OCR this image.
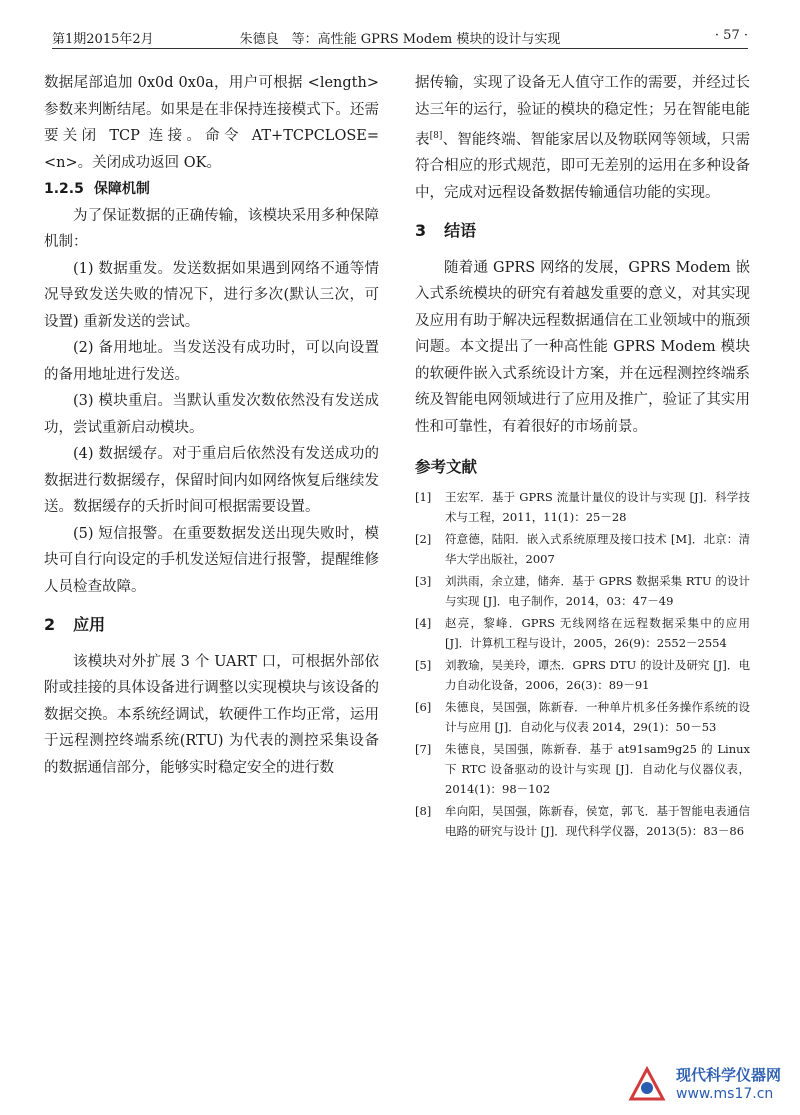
第1期2015年2月	朱德良　等：高性能 GPRS Modem 模块的设计与实现	· 57 ·

数据尾部追加 0x0d 0x0a，用户可根据 <length> 参数来判断结尾。如果是在非保持连接模式下。还需要关闭 TCP 连接。命令 AT+TCPCLOSE=<n>。关闭成功返回 OK。

1.2.5 保障机制

为了保证数据的正确传输，该模块采用多种保障机制：

(1) 数据重发。发送数据如果遇到网络不通等情况导致发送失败的情况下，进行多次(默认三次，可设置) 重新发送的尝试。

(2) 备用地址。当发送没有成功时，可以向设置的备用地址进行发送。

(3) 模块重启。当默认重发次数依然没有发送成功，尝试重新启动模块。

(4) 数据缓存。对于重启后依然没有发送成功的数据进行数据缓存，保留时间内如网络恢复后继续发送。数据缓存的夭折时间可根据需要设置。

(5) 短信报警。在重要数据发送出现失败时，模块可自行向设定的手机发送短信进行报警，提醒维修人员检查故障。

2 应用

该模块对外扩展 3 个 UART 口，可根据外部依附或挂接的具体设备进行调整以实现模块与该设备的数据交换。本系统经调试，软硬件工作均正常，运用于远程测控终端系统(RTU) 为代表的测控采集设备的数据通信部分，能够实时稳定安全的进行数

据传输，实现了设备无人值守工作的需要，并经过长达三年的运行，验证的模块的稳定性；另在智能电能表[8]、智能终端、智能家居以及物联网等领域，只需符合相应的形式规范，即可无差别的运用在多种设备中，完成对远程设备数据传输通信功能的实现。

3 结语

随着通 GPRS 网络的发展，GPRS Modem 嵌入式系统模块的研究有着越发重要的意义，对其实现及应用有助于解决远程数据通信在工业领域中的瓶颈问题。本文提出了一种高性能 GPRS Modem 模块的软硬件嵌入式系统设计方案，并在远程测控终端系统及智能电网领域进行了应用及推广，验证了其实用性和可靠性，有着很好的市场前景。

参考文献
[1]	王宏军．基于 GPRS 流量计量仪的设计与实现 [J]．科学技术与工程，2011，11(1)：25－28
[2]	符意德，陆阳．嵌入式系统原理及接口技术 [M]．北京：清华大学出版社，2007
[3]	刘洪雨，余立建，储奔．基于 GPRS 数据采集 RTU 的设计与实现 [J]．电子制作，2014，03：47－49
[4]	赵亮，黎峰．GPRS 无线网络在远程数据采集中的应用 [J]．计算机工程与设计，2005，26(9)：2552－2554
[5]	刘教瑜，吴美玲，谭杰．GPRS DTU 的设计及研究 [J]．电力自动化设备，2006，26(3)：89－91
[6]	朱德良，吴国强，陈新春．一种单片机多任务操作系统的设计与应用 [J]．自动化与仪表 2014，29(1)：50－53
[7]	朱德良，吴国强，陈新春．基于 at91sam9g25 的 Linux 下 RTC 设备驱动的设计与实现 [J]．自动化与仪器仪表，2014(1)：98－102
[8]	牟向阳，吴国强，陈新春，侯宽，郭飞．基于智能电表通信电路的研究与设计 [J]．现代科学仪器，2013(5)：83－86
现代科学仪器网
www.ms17.cn
